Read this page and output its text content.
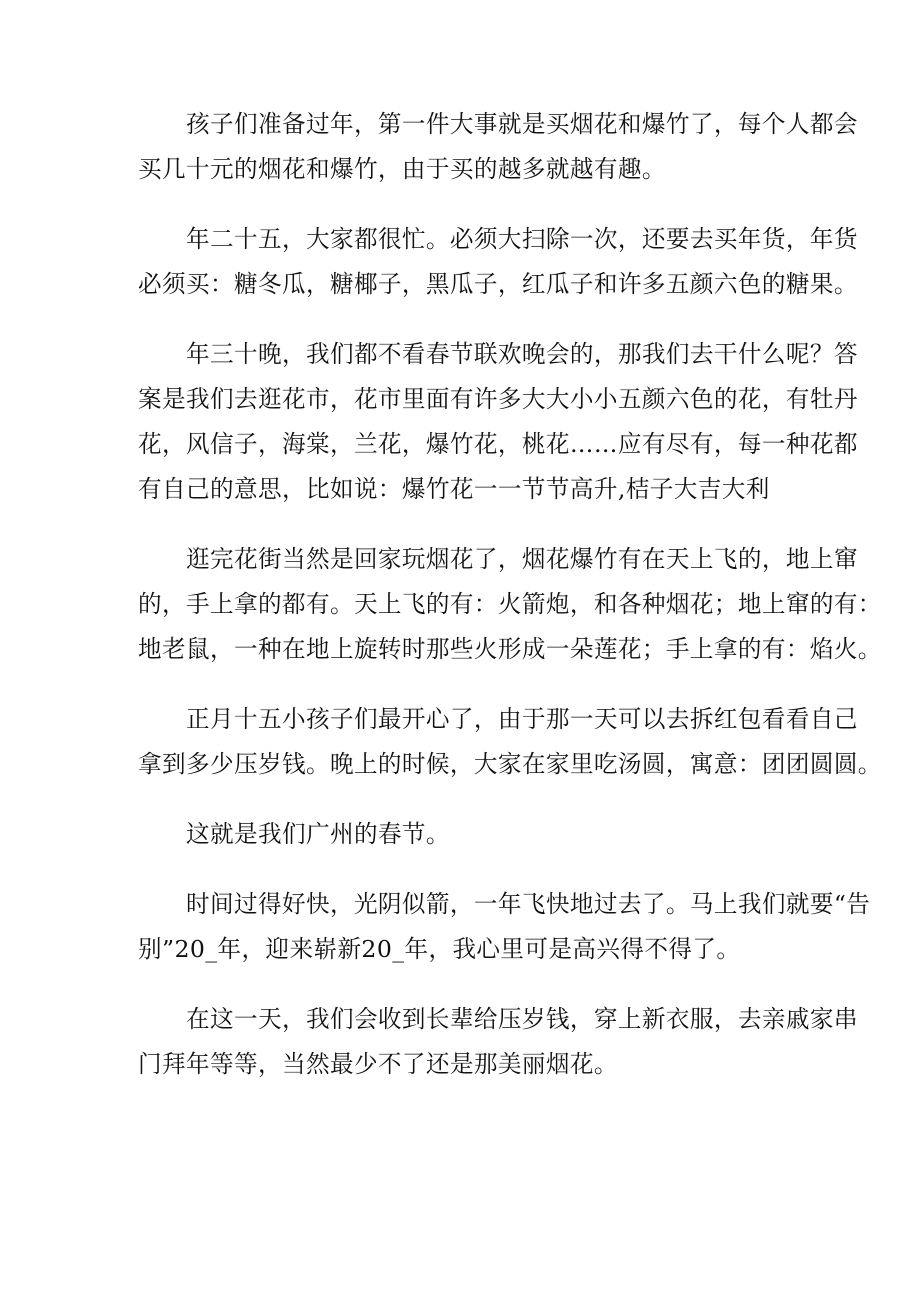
　　孩子们准备过年，第一件大事就是买烟花和爆竹了，每个人都会
买几十元的烟花和爆竹，由于买的越多就越有趣。

　　年二十五，大家都很忙。必须大扫除一次，还要去买年货，年货
必须买：糖冬瓜，糖椰子，黑瓜子，红瓜子和许多五颜六色的糖果。

　　年三十晚，我们都不看春节联欢晚会的，那我们去干什么呢？答
案是我们去逛花市，花市里面有许多大大小小五颜六色的花，有牡丹
花，风信子，海棠，兰花，爆竹花，桃花……应有尽有，每一种花都
有自己的意思，比如说：爆竹花一一节节高升,桔子大吉大利

　　逛完花街当然是回家玩烟花了，烟花爆竹有在天上飞的，地上窜
的，手上拿的都有。天上飞的有：火箭炮，和各种烟花；地上窜的有：
地老鼠，一种在地上旋转时那些火形成一朵莲花；手上拿的有：焰火。

　　正月十五小孩子们最开心了，由于那一天可以去拆红包看看自己
拿到多少压岁钱。晚上的时候，大家在家里吃汤圆，寓意：团团圆圆。

　　这就是我们广州的春节。

　　时间过得好快，光阴似箭，一年飞快地过去了。马上我们就要“告
别”20_年，迎来崭新20_年，我心里可是高兴得不得了。

　　在这一天，我们会收到长辈给压岁钱，穿上新衣服，去亲戚家串
门拜年等等，当然最少不了还是那美丽烟花。
